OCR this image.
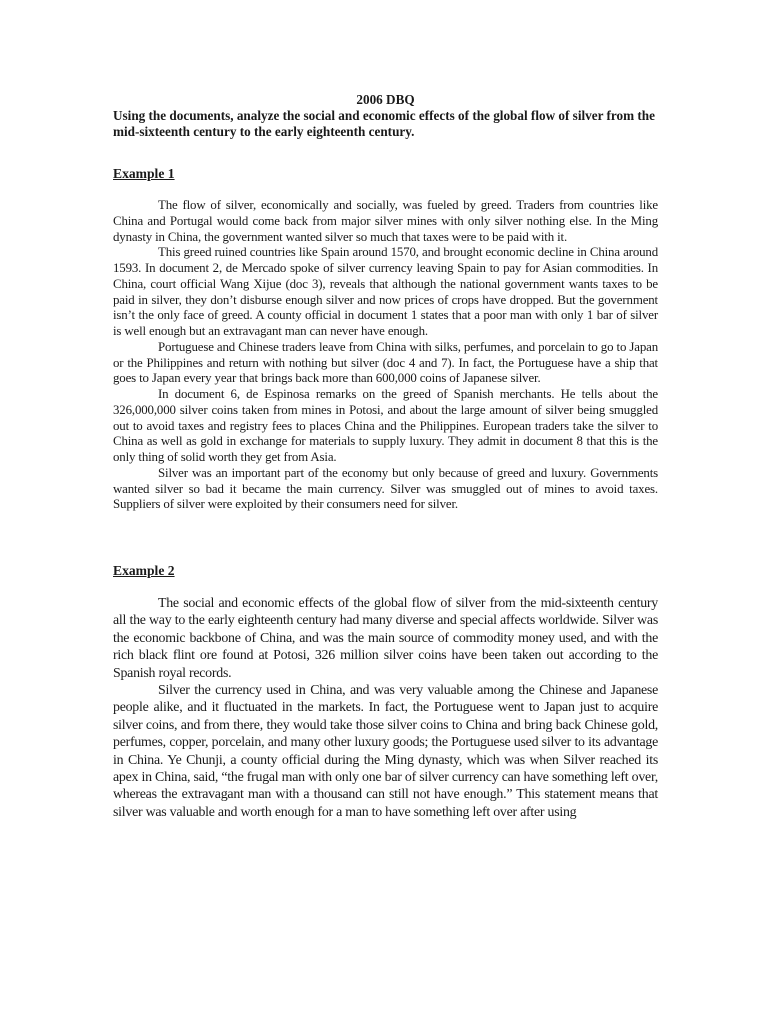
2006 DBQ

Using the documents, analyze the social and economic effects of the global flow of silver from the mid-sixteenth century to the early eighteenth century.

Example 1

The flow of silver, economically and socially, was fueled by greed. Traders from countries like China and Portugal would come back from major silver mines with only silver nothing else. In the Ming dynasty in China, the government wanted silver so much that taxes were to be paid with it.

This greed ruined countries like Spain around 1570, and brought economic decline in China around 1593. In document 2, de Mercado spoke of silver currency leaving Spain to pay for Asian commodities. In China, court official Wang Xijue (doc 3), reveals that although the national government wants taxes to be paid in silver, they don’t disburse enough silver and now prices of crops have dropped. But the government isn’t the only face of greed. A county official in document 1 states that a poor man with only 1 bar of silver is well enough but an extravagant man can never have enough.

Portuguese and Chinese traders leave from China with silks, perfumes, and porcelain to go to Japan or the Philippines and return with nothing but silver (doc 4 and 7). In fact, the Portuguese have a ship that goes to Japan every year that brings back more than 600,000 coins of Japanese silver.

In document 6, de Espinosa remarks on the greed of Spanish merchants. He tells about the 326,000,000 silver coins taken from mines in Potosi, and about the large amount of silver being smuggled out to avoid taxes and registry fees to places China and the Philippines. European traders take the silver to China as well as gold in exchange for materials to supply luxury. They admit in document 8 that this is the only thing of solid worth they get from Asia.

Silver was an important part of the economy but only because of greed and luxury. Governments wanted silver so bad it became the main currency. Silver was smuggled out of mines to avoid taxes. Suppliers of silver were exploited by their consumers need for silver.

Example 2

The social and economic effects of the global flow of silver from the mid-sixteenth century all the way to the early eighteenth century had many diverse and special affects worldwide. Silver was the economic backbone of China, and was the main source of commodity money used, and with the rich black flint ore found at Potosi, 326 million silver coins have been taken out according to the Spanish royal records.

Silver the currency used in China, and was very valuable among the Chinese and Japanese people alike, and it fluctuated in the markets. In fact, the Portuguese went to Japan just to acquire silver coins, and from there, they would take those silver coins to China and bring back Chinese gold, perfumes, copper, porcelain, and many other luxury goods; the Portuguese used silver to its advantage in China. Ye Chunji, a county official during the Ming dynasty, which was when Silver reached its apex in China, said, “the frugal man with only one bar of silver currency can have something left over, whereas the extravagant man with a thousand can still not have enough.” This statement means that silver was valuable and worth enough for a man to have something left over after using
